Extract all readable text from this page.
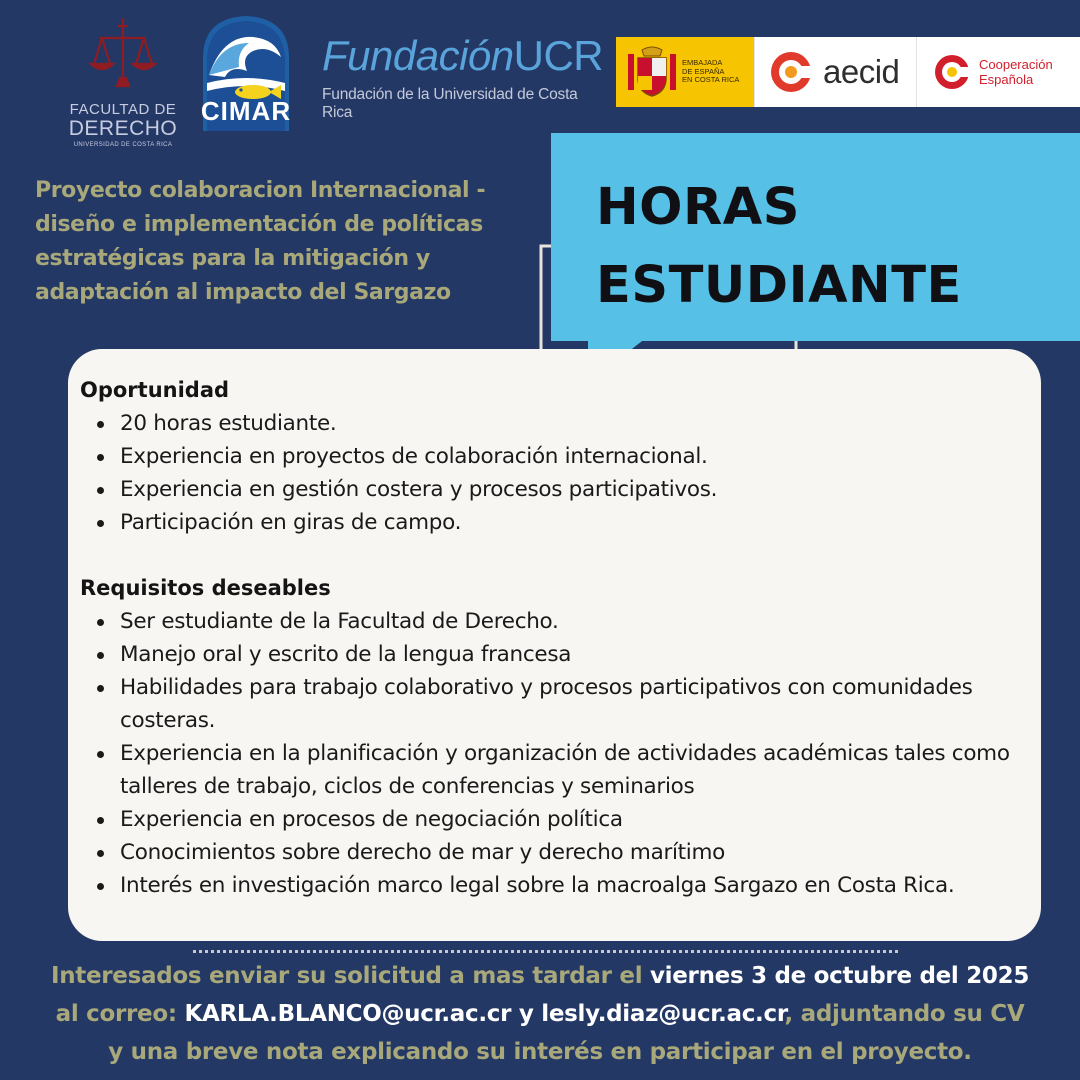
FACULTAD DE
DERECHO
UNIVERSIDAD DE COSTA RICA
CIMAR
FundaciónUCR
Fundación de la Universidad de Costa Rica
EMBAJADA
DE ESPAÑA
EN COSTA RICA	aecid	Cooperación
Española
Proyecto colaboracion Internacional -
diseño e implementación de políticas
estratégicas para la mitigación y
adaptación al impacto del Sargazo
HORAS
ESTUDIANTE
Oportunidad
20 horas estudiante.
Experiencia en proyectos de colaboración internacional.
Experiencia en gestión costera y procesos participativos.
Participación en giras de campo.
Requisitos deseables
Ser estudiante de la Facultad de Derecho.
Manejo oral y escrito de la lengua francesa
Habilidades para trabajo colaborativo y procesos participativos con comunidades costeras.
Experiencia en la planificación y organización de actividades académicas tales como talleres de trabajo, ciclos de conferencias y seminarios
Experiencia en procesos de negociación política
Conocimientos sobre derecho de mar y derecho marítimo
Interés en investigación marco legal sobre la macroalga Sargazo en Costa Rica.
Interesados enviar su solicitud a mas tardar el viernes 3 de octubre del 2025
al correo: KARLA.BLANCO@ucr.ac.cr y lesly.diaz@ucr.ac.cr, adjuntando su CV
y una breve nota explicando su interés en participar en el proyecto.
